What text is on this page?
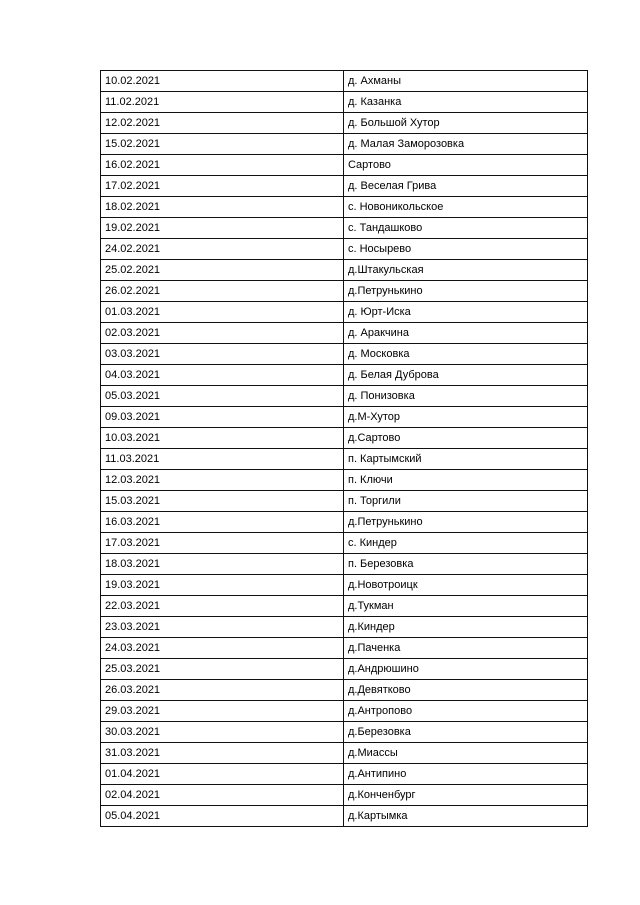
10.02.2021	д. Ахманы
11.02.2021	д. Казанка
12.02.2021	д. Большой Хутор
15.02.2021	д. Малая Заморозовка
16.02.2021	Сартово
17.02.2021	д. Веселая Грива
18.02.2021	с. Новоникольское
19.02.2021	с. Тандашково
24.02.2021	с. Носырево
25.02.2021	д.Штакульская
26.02.2021	д.Петрунькино
01.03.2021	д. Юрт-Иска
02.03.2021	д. Аракчина
03.03.2021	д. Московка
04.03.2021	д. Белая Дуброва
05.03.2021	д. Понизовка
09.03.2021	д.М-Хутор
10.03.2021	д.Сартово
11.03.2021	п. Картымский
12.03.2021	п. Ключи
15.03.2021	п. Торгили
16.03.2021	д.Петрунькино
17.03.2021	с. Киндер
18.03.2021	п. Березовка
19.03.2021	д.Новотроицк
22.03.2021	д.Тукман
23.03.2021	д.Киндер
24.03.2021	д.Паченка
25.03.2021	д.Андрюшино
26.03.2021	д.Девятково
29.03.2021	д.Антропово
30.03.2021	д.Березовка
31.03.2021	д.Миассы
01.04.2021	д.Антипино
02.04.2021	д.Конченбург
05.04.2021	д.Картымка
